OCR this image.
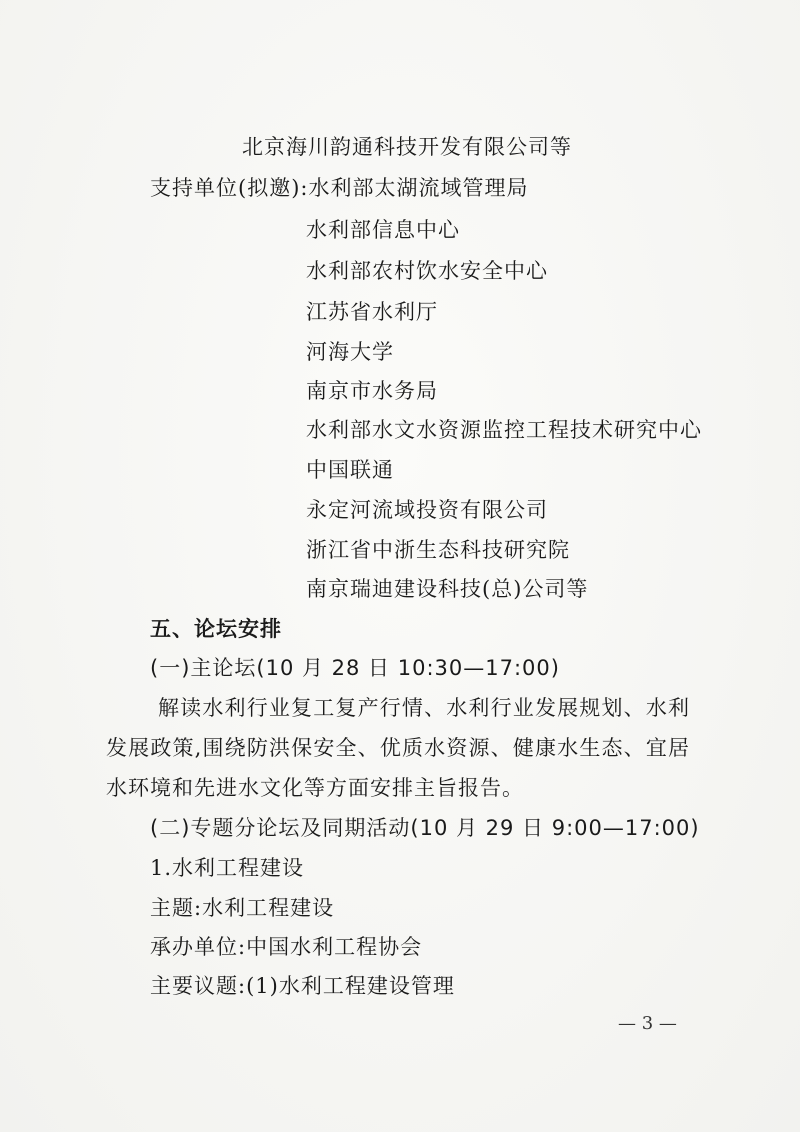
北京海川韵通科技开发有限公司等
支持单位(拟邀):水利部太湖流域管理局
水利部信息中心
水利部农村饮水安全中心
江苏省水利厅
河海大学
南京市水务局
水利部水文水资源监控工程技术研究中心
中国联通
永定河流域投资有限公司
浙江省中浙生态科技研究院
南京瑞迪建设科技(总)公司等
五、论坛安排
(一)主论坛(10 月 28 日 10:30—17:00)
解读水利行业复工复产行情、水利行业发展规划、水利发展政策,围绕防洪保安全、优质水资源、健康水生态、宜居水环境和先进水文化等方面安排主旨报告。
(二)专题分论坛及同期活动(10 月 29 日 9:00—17:00)
1.水利工程建设
主题:水利工程建设
承办单位:中国水利工程协会
主要议题:(1)水利工程建设管理
— 3 —
